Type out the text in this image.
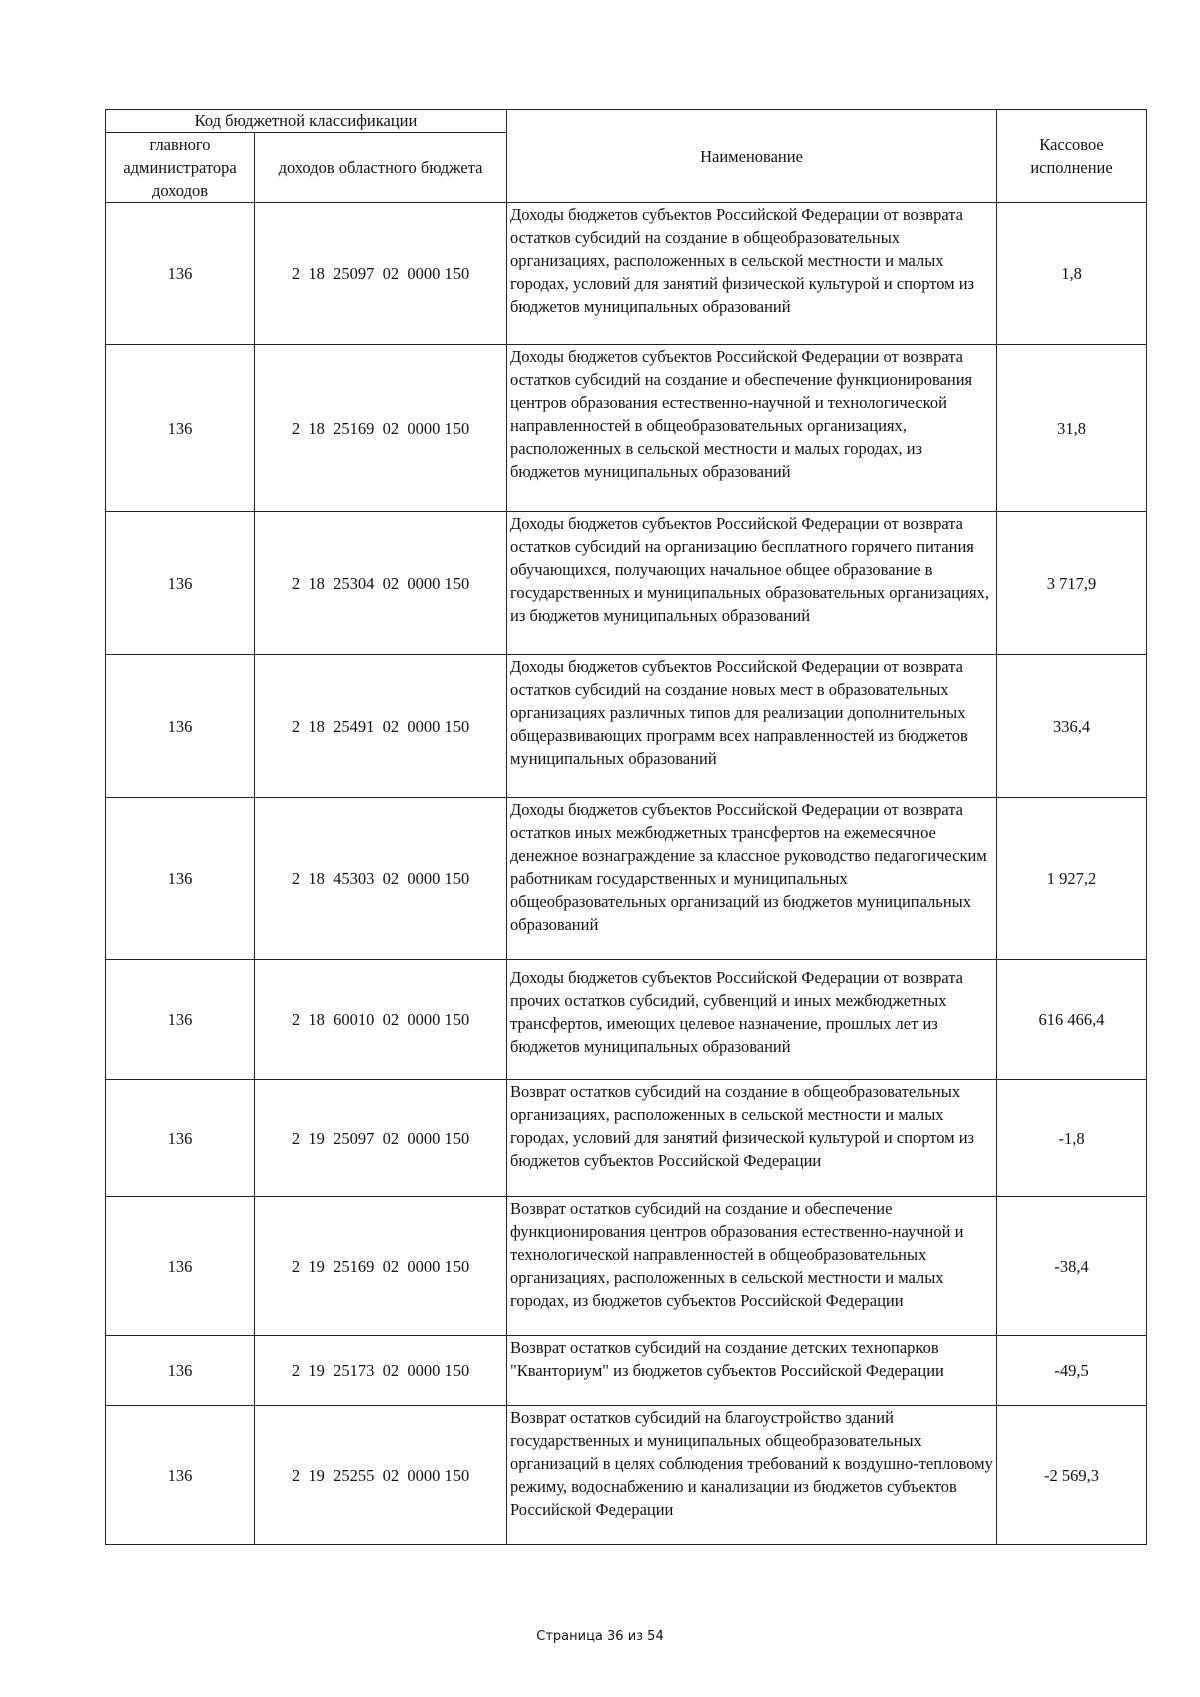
Код бюджетной классификации		Наименование	Кассовое исполнение
главного администратора доходов	доходов областного бюджета		
136	2  18  25097  02  0000 150	Доходы бюджетов субъектов Российской Федерации от возврата остатков субсидий на создание в общеобразовательных организациях, расположенных в сельской местности и малых городах, условий для занятий физической культурой и спортом из бюджетов муниципальных образований	1,8
136	2  18  25169  02  0000 150	Доходы бюджетов субъектов Российской Федерации от возврата остатков субсидий на создание и обеспечение функционирования центров образования естественно-научной и технологической направленностей в общеобразовательных организациях, расположенных в сельской местности и малых городах, из бюджетов муниципальных образований	31,8
136	2  18  25304  02  0000 150	Доходы бюджетов субъектов Российской Федерации от возврата остатков субсидий на организацию бесплатного горячего питания обучающихся, получающих начальное общее образование в государственных и муниципальных образовательных организациях, из бюджетов муниципальных образований	3 717,9
136	2  18  25491  02  0000 150	Доходы бюджетов субъектов Российской Федерации от возврата остатков субсидий на создание новых мест в образовательных организациях различных типов для реализации дополнительных общеразвивающих программ всех направленностей из бюджетов муниципальных образований	336,4
136	2  18  45303  02  0000 150	Доходы бюджетов субъектов Российской Федерации от возврата остатков иных межбюджетных трансфертов на ежемесячное денежное вознаграждение за классное руководство педагогическим работникам государственных и муниципальных общеобразовательных организаций из бюджетов муниципальных образований	1 927,2
136	2  18  60010  02  0000 150	Доходы бюджетов субъектов Российской Федерации от возврата прочих остатков субсидий, субвенций и иных межбюджетных трансфертов, имеющих целевое назначение, прошлых лет из бюджетов муниципальных образований	616 466,4
136	2  19  25097  02  0000 150	Возврат остатков субсидий на создание в общеобразовательных организациях, расположенных в сельской местности и малых городах, условий для занятий физической культурой и спортом из бюджетов субъектов Российской Федерации	-1,8
136	2  19  25169  02  0000 150	Возврат остатков субсидий на создание и обеспечение функционирования центров образования естественно-научной и технологической направленностей в общеобразовательных организациях, расположенных в сельской местности и малых городах, из бюджетов субъектов Российской Федерации	-38,4
136	2  19  25173  02  0000 150	Возврат остатков субсидий на создание детских технопарков "Кванториум" из бюджетов субъектов Российской Федерации	-49,5
136	2  19  25255  02  0000 150	Возврат остатков субсидий на благоустройство зданий государственных и муниципальных общеобразовательных организаций в целях соблюдения требований к воздушно-тепловому режиму, водоснабжению и канализации из бюджетов субъектов Российской Федерации	-2 569,3
Страница 36 из 54
